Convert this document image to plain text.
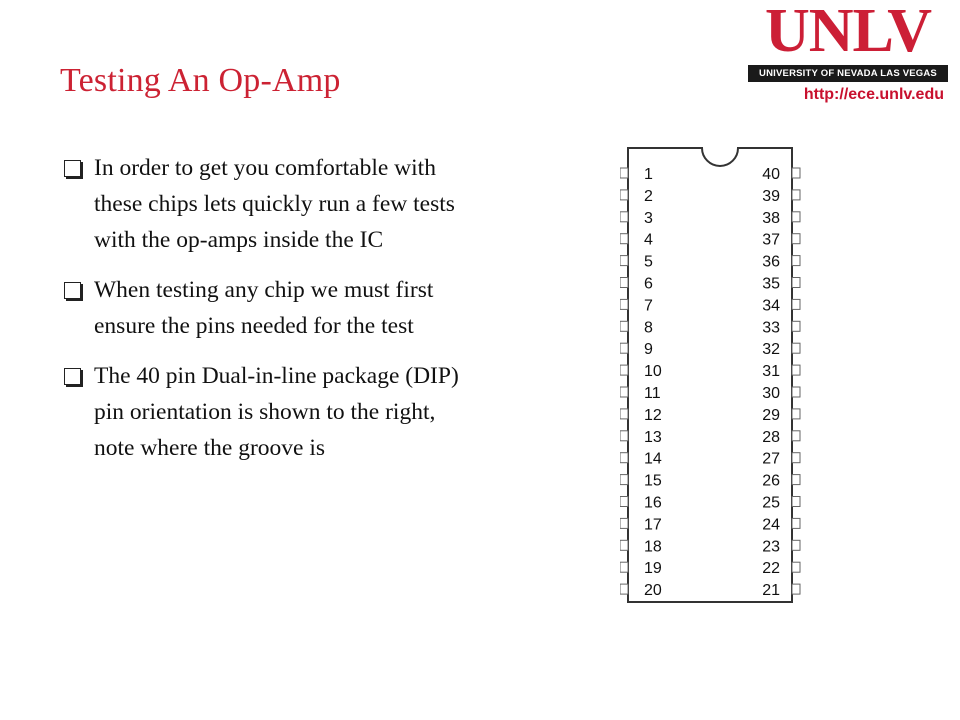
Testing An Op-Amp
UNLV
UNIVERSITY OF NEVADA LAS VEGAS
http://ece.unlv.edu
In order to get you comfortable with these chips lets quickly run a few tests with the op-amps inside the IC
When testing any chip we must first ensure the pins needed for the test
The 40 pin Dual-in-line package (DIP) pin orientation is shown to the right, note where the groove is
1
2
3
4
5
6
7
8
9
10
11
12
13
14
15
16
17
18
19
20
40
39
38
37
36
35
34
33
32
31
30
29
28
27
26
25
24
23
22
21
